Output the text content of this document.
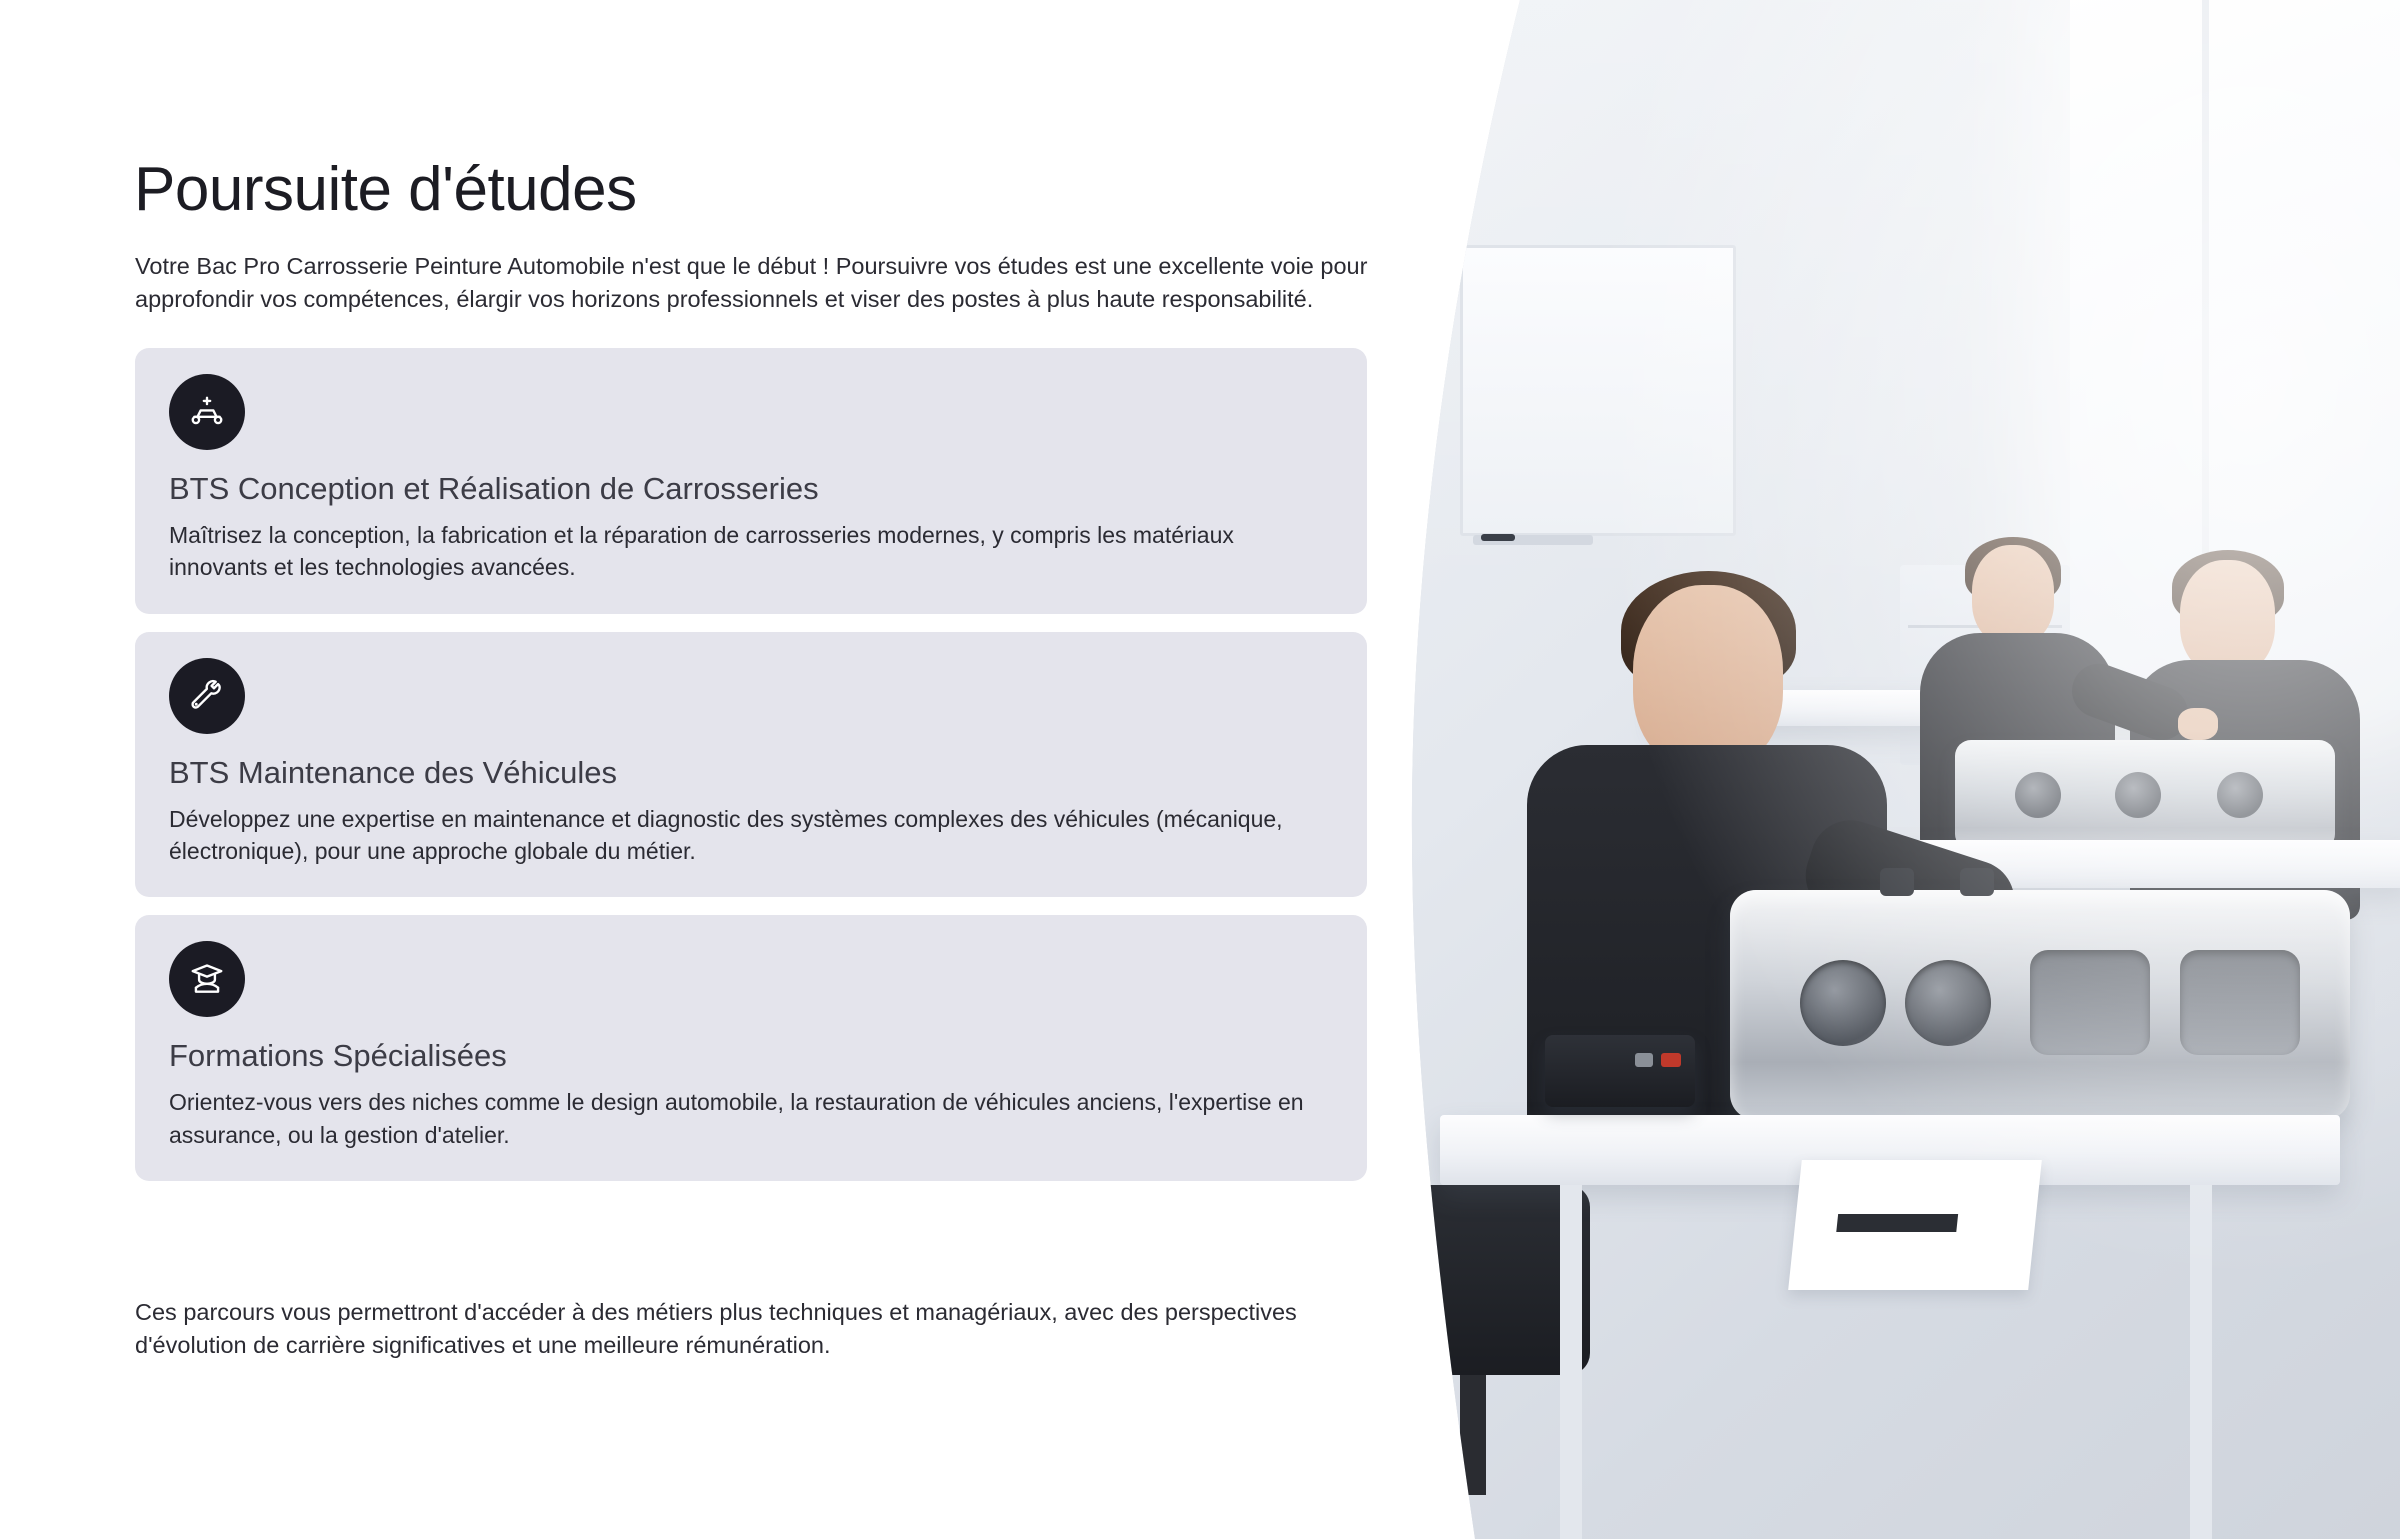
Poursuite d'études

Votre Bac Pro Carrosserie Peinture Automobile n'est que le début ! Poursuivre vos études est une excellente voie pour approfondir vos compétences, élargir vos horizons professionnels et viser des postes à plus haute responsabilité.

BTS Conception et Réalisation de Carrosseries
Maîtrisez la conception, la fabrication et la réparation de carrosseries modernes, y compris les matériaux innovants et les technologies avancées.
BTS Maintenance des Véhicules
Développez une expertise en maintenance et diagnostic des systèmes complexes des véhicules (mécanique, électronique), pour une approche globale du métier.
Formations Spécialisées
Orientez-vous vers des niches comme le design automobile, la restauration de véhicules anciens, l'expertise en assurance, ou la gestion d'atelier.

Ces parcours vous permettront d'accéder à des métiers plus techniques et managériaux, avec des perspectives d'évolution de carrière significatives et une meilleure rémunération.
